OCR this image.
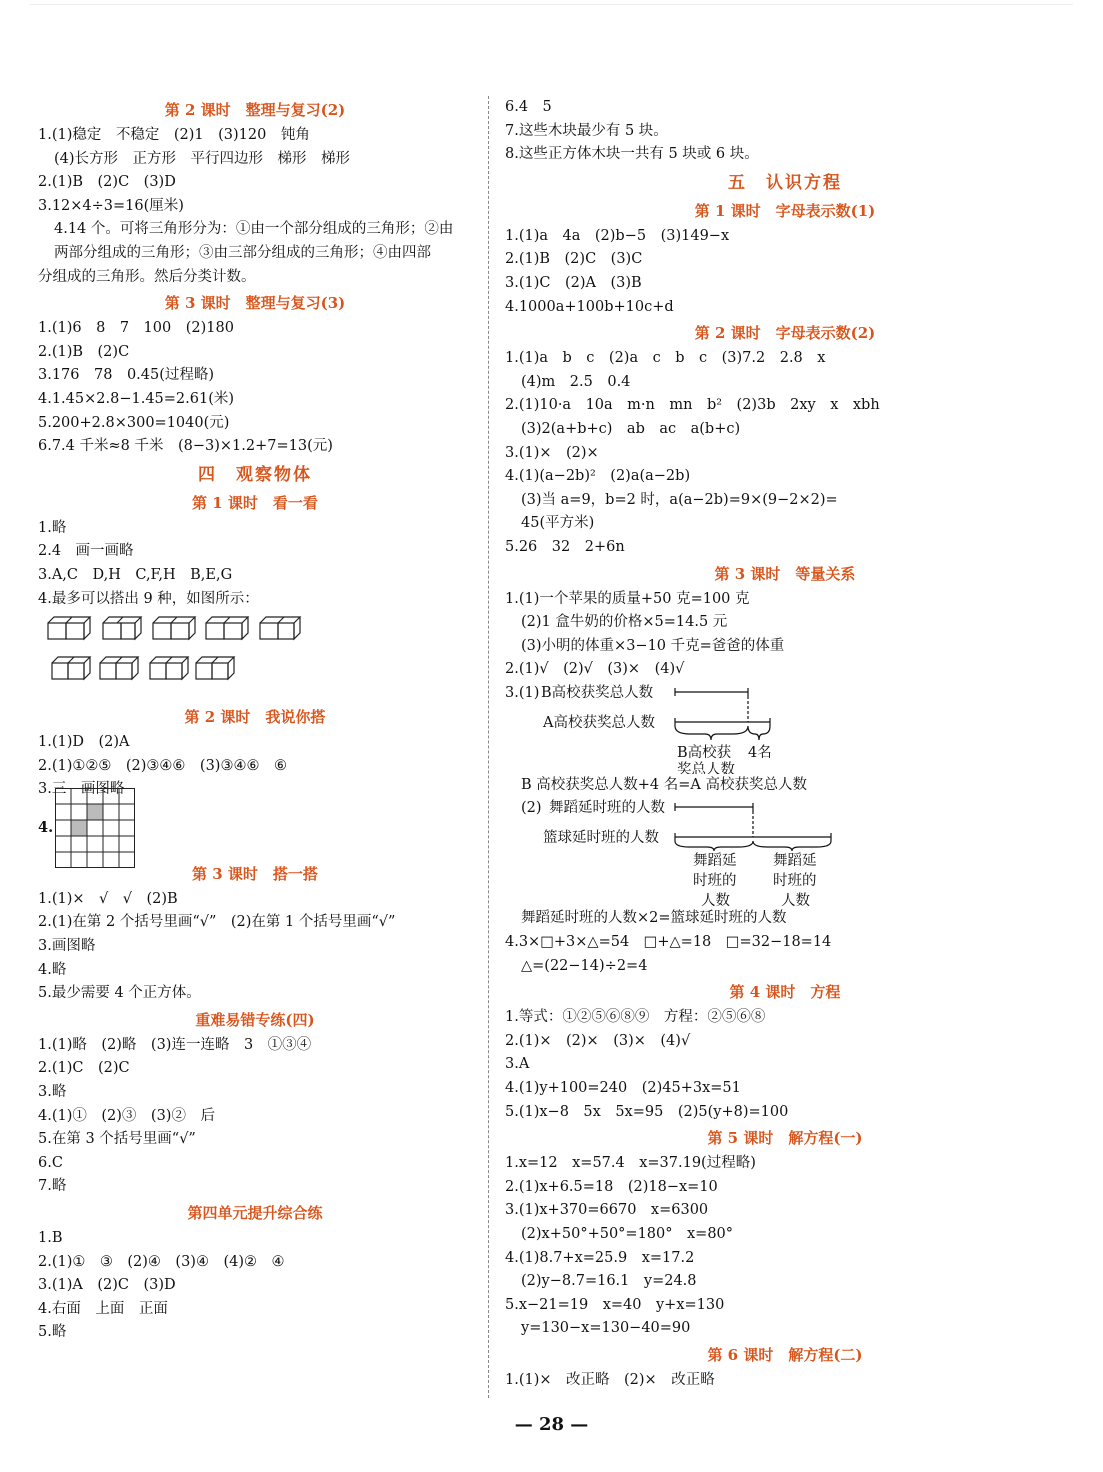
第 2 课时　整理与复习(2)
1.(1)稳定　不稳定　(2)1　(3)120　钝角
(4)长方形　正方形　平行四边形　梯形　梯形
2.(1)B　(2)C　(3)D
3.12×4÷3=16(厘米)
4.14 个。可将三角形分为：①由一个部分组成的三角形；②由
两部分组成的三角形；③由三部分组成的三角形；④由四部
分组成的三角形。然后分类计数。
第 3 课时　整理与复习(3)
1.(1)6　8　7　100　(2)180
2.(1)B　(2)C
3.176　78　0.45(过程略)
4.1.45×2.8−1.45=2.61(米)
5.200+2.8×300=1040(元)
6.7.4 千米≈8 千米　(8−3)×1.2+7=13(元)
四　观察物体
第 1 课时　看一看
1.略
2.4　画一画略
3.A,C　D,H　C,F,H　B,E,G
4.最多可以搭出 9 种，如图所示：
第 2 课时　我说你搭
1.(1)D　(2)A
2.(1)①②⑤　(2)③④⑥　(3)③④⑥　⑥
3.三　画图略
4.
第 3 课时　搭一搭
1.(1)×　√　√　(2)B
2.(1)在第 2 个括号里画“√”　(2)在第 1 个括号里画“√”
3.画图略
4.略
5.最少需要 4 个正方体。
重难易错专练(四)
1.(1)略　(2)略　(3)连一连略　3　①③④
2.(1)C　(2)C
3.略
4.(1)①　(2)③　(3)②　后
5.在第 3 个括号里画“√”
6.C
7.略
第四单元提升综合练
1.B
2.(1)①　③　(2)④　(3)④　(4)②　④
3.(1)A　(2)C　(3)D
4.右面　上面　正面
5.略
6.4　5
7.这些木块最少有 5 块。
8.这些正方体木块一共有 5 块或 6 块。
五　认识方程
第 1 课时　字母表示数(1)
1.(1)a　4a　(2)b−5　(3)149−x
2.(1)B　(2)C　(3)C
3.(1)C　(2)A　(3)B
4.1000a+100b+10c+d
第 2 课时　字母表示数(2)
1.(1)a　b　c　(2)a　c　b　c　(3)7.2　2.8　x
(4)m　2.5　0.4
2.(1)10·a　10a　m·n　mn　b²　(2)3b　2xy　x　xbh
(3)2(a+b+c)　ab　ac　a(b+c)
3.(1)×　(2)×
4.(1)(a−2b)²　(2)a(a−2b)
(3)当 a=9，b=2 时，a(a−2b)=9×(9−2×2)=
45(平方米)
5.26　32　2+6n
第 3 课时　等量关系
1.(1)一个苹果的质量+50 克=100 克
(2)1 盒牛奶的价格×5=14.5 元
(3)小明的体重×3−10 千克=爸爸的体重
2.(1)√　(2)√　(3)×　(4)√
3.(1) B高校获奖总人数
A高校获奖总人数
B高校获
奖总人数
4名
B 高校获奖总人数+4 名=A 高校获奖总人数
(2) 舞蹈延时班的人数
篮球延时班的人数
舞蹈延
时班的
人数
舞蹈延
时班的
人数
舞蹈延时班的人数×2=篮球延时班的人数
4.3×□+3×△=54　□+△=18　□=32−18=14
△=(22−14)÷2=4
第 4 课时　方程
1.等式：①②⑤⑥⑧⑨　方程：②⑤⑥⑧
2.(1)×　(2)×　(3)×　(4)√
3.A
4.(1)y+100=240　(2)45+3x=51
5.(1)x−8　5x　5x=95　(2)5(y+8)=100
第 5 课时　解方程(一)
1.x=12　x=57.4　x=37.19(过程略)
2.(1)x+6.5=18　(2)18−x=10
3.(1)x+370=6670　x=6300
(2)x+50°+50°=180°　x=80°
4.(1)8.7+x=25.9　x=17.2
(2)y−8.7=16.1　y=24.8
5.x−21=19　x=40　y+x=130
y=130−x=130−40=90
第 6 课时　解方程(二)
1.(1)×　改正略　(2)×　改正略
— 28 —
